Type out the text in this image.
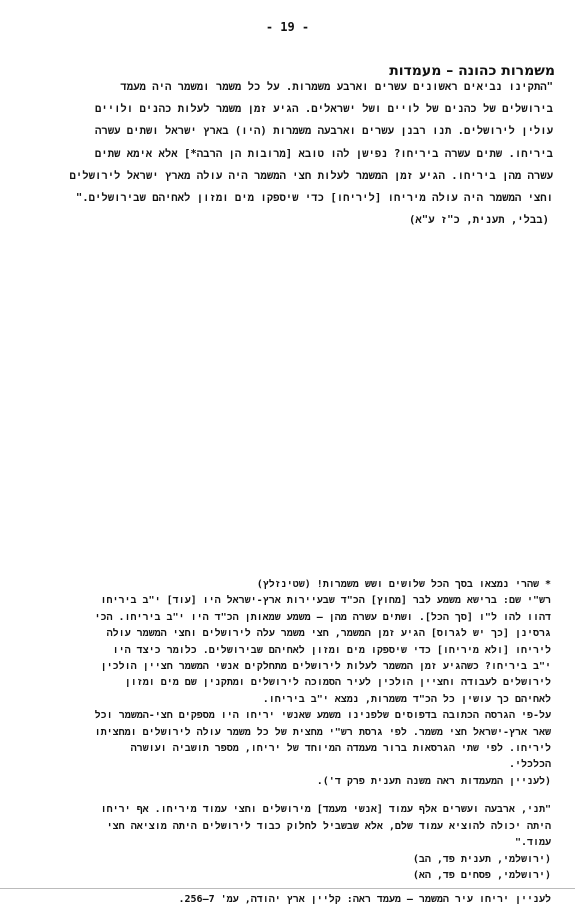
- 19 -
משמרות כהונה – מעמדות
"התקינו נביאים ראשונים עשרים וארבע משמרות. על כל משמר ומשמר היה מעמד
בירושלים של כהנים של לויים ושל ישראלים. הגיע זמן משמר לעלות כהנים ולויים
עולין לירושלים. תנו רבנן עשרים וארבעה משמרות (היו) בארץ ישראל ושתים עשרה
ביריחו. שתים עשרה ביריחו? נפישן להו טובא [מרובות הן הרבה*] אלא אימא שתים
עשרה מהן ביריחו. הגיע זמן המשמר לעלות חצי המשמר היה עולה מארץ ישראל לירושלים
וחצי המשמר היה עולה מיריחו [ליריחו] כדי שיספקו מים ומזון לאחיהם שבירושלים."
(בבלי, תענית, כ"ז ע"א)
* שהרי נמצאו בסך הכל שלושים ושש משמרות! (שטינזלץ)
רש"י שם: ברישא משמע לבר [מחוץ] הכ"ד שבעיירות ארץ-ישראל היו [עוד] י"ב ביריחו
דהוו להו ל"ו [סך הכל]. ושתים עשרה מהן – משמע שמאותן הכ"ד היו י"ב ביריחו. הכי
גרסינן [כך יש לגרוס] הגיע זמן המשמר, חצי משמר עלה לירושלים וחצי המשמר עולה
ליריחו [ולא מיריחו] כדי שיספקו מים ומזון לאחיהם שבירושלים. כלומר כיצד היו
י"ב ביריחו? כשהגיע זמן המשמר לעלות לירושלים מתחלקים אנשי המשמר חציין הולכין
לירושלים לעבודה וחציין הולכין לעיר הסמוכה לירושלים ומתקנין שם מים ומזון
לאחיהם כך עושין כל הכ"ד משמרות, נמצא י"ב ביריחו.
על-פי הגרסה הכתובה בדפוסים שלפנינו משמע שאנשי יריחו היו מספקים חצי-המשמר וכל
שאר ארץ-ישראל חצי משמר. לפי גרסת רש"י מחצית של כל משמר עולה לירושלים ומחציתו
ליריחו. לפי שתי הגרסאות ברור מעמדה המיוחד של יריחו, מספר תושביה ועושרה
הכלכלי.
(לעניין המעמדות ראה משנה תענית פרק ד').
"תני, ארבעה ועשרים אלף עמוד [אנשי מעמד] מירושלים וחצי עמוד מיריחו. אף יריחו
היתה יכולה להוציא עמוד שלם, אלא שבשביל לחלוק כבוד לירושלים היתה מוציאה חצי
עמוד."
(ירושלמי, תענית פד, הב)
(ירושלמי, פסחים פד, הא)
לעניין יריחו עיר המשמר – מעמד ראה: קליין ארץ יהודה, עמ' 7–256.
